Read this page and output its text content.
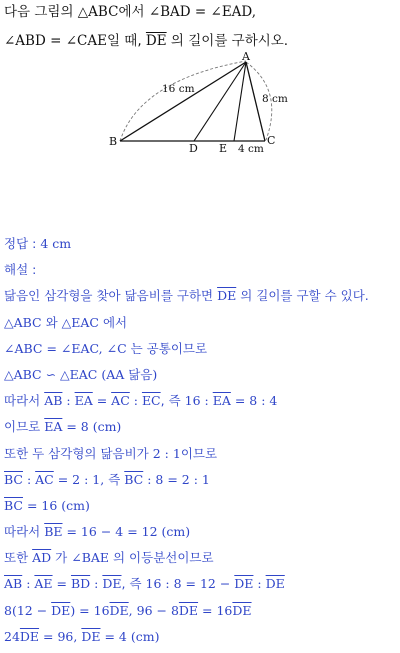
다음 그림의 △ABC에서 ∠BAD = ∠EAD,
∠ABD = ∠CAE일 때, $\overline{DE}$ 의 길이를 구하시오.
A
B	C
D E
16 cm
8 cm
4 cm
정답 : 4 cm
해설 :
닮음인 삼각형을 찾아 닮음비를 구하면 $\overline{DE}$ 의 길이를 구할 수 있다.
△ABC 와 △EAC 에서
∠ABC = ∠EAC, ∠C 는 공통이므로
△ABC ∽ △EAC (AA 닮음)
따라서 $\overline{AB}$ : $\overline{EA} = \overline{AC}$ : $\overline{EC}$, 즉 16 : $\overline{EA} = 8$ : 4
이므로 $\overline{EA} = 8$ (cm)
또한 두 삼각형의 닮음비가 2 : 1이므로
$\overline{BC}$ : $\overline{AC} = 2$ : 1, 즉 $\overline{BC}$ : 8 = 2 : 1
$\overline{BC} = 16$ (cm)
따라서 $\overline{BE} = 16 - 4 = 12$ (cm)
또한 $\overline{AD}$ 가 ∠BAE 의 이등분선이므로
$\overline{AB}$ : $\overline{AE} = \overline{BD}$ : $\overline{DE}$, 즉 16 : $8 = 12 - \overline{DE}$ : $\overline{DE}$
$8(12 - \overline{DE}) = 16\overline{DE}$, $96 - 8\overline{DE} = 16\overline{DE}$
$24\overline{DE} = 96$, $\overline{DE} = 4$ (cm)
